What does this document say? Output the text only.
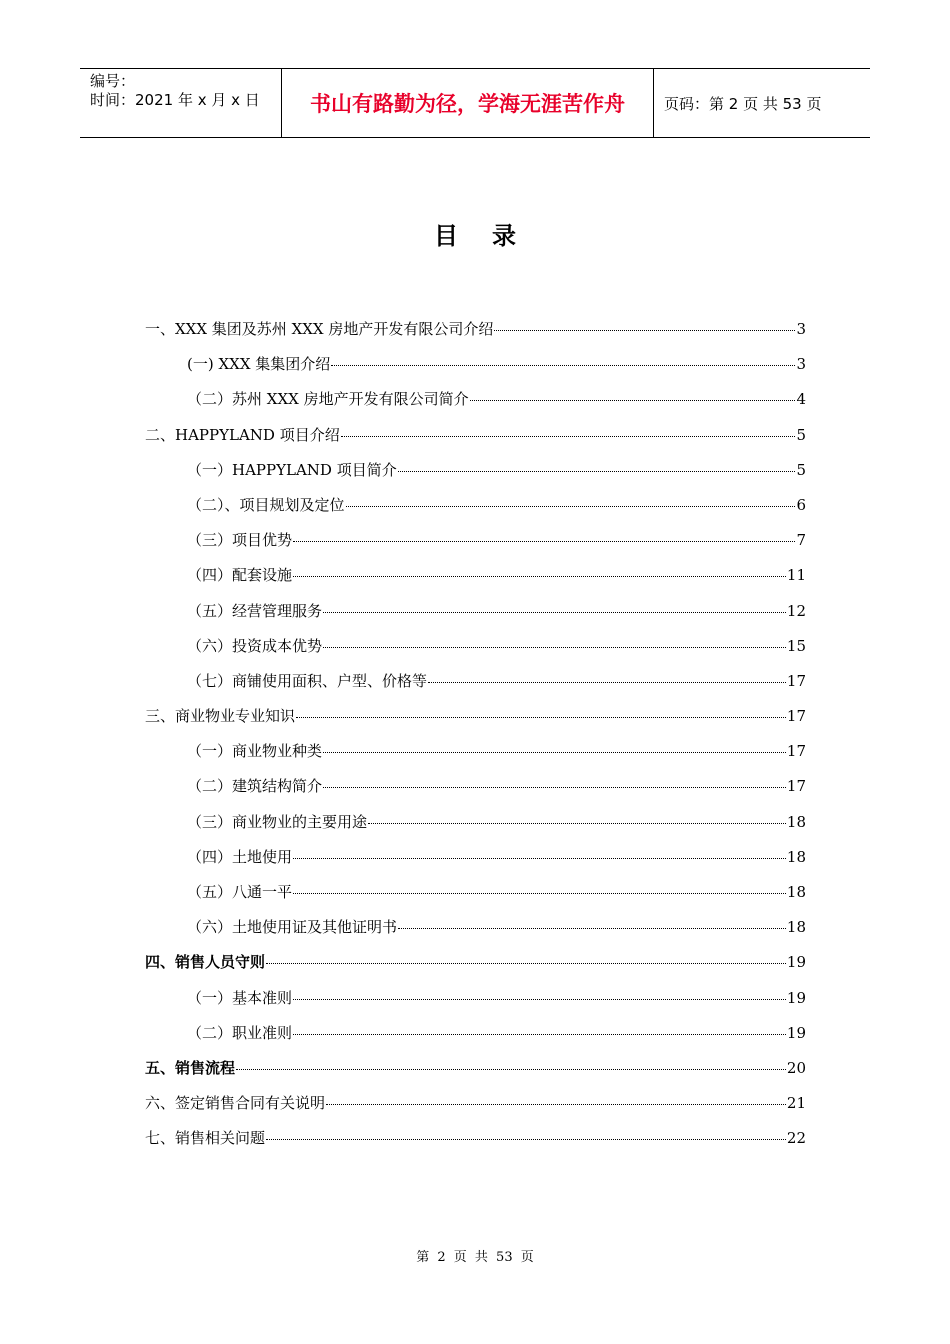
编号：
时间：2021 年 x 月 x 日	书山有路勤为径，学海无涯苦作舟	页码：第 2 页 共 53 页
目录
一、XXX 集团及苏州 XXX 房地产开发有限公司介绍	3
(一) XXX 集集团介绍	3
（二）苏州 XXX 房地产开发有限公司简介	4
二、HAPPYLAND 项目介绍	5
（一）HAPPYLAND 项目简介	5
（二）、项目规划及定位	6
（三）项目优势	7
（四）配套设施	11
（五）经营管理服务	12
（六）投资成本优势	15
（七）商铺使用面积、户型、价格等	17
三、商业物业专业知识	17
（一）商业物业种类	17
（二）建筑结构简介	17
（三）商业物业的主要用途	18
（四）土地使用	18
（五）八通一平	18
（六）土地使用证及其他证明书	18
四、销售人员守则	19
（一）基本准则	19
（二）职业准则	19
五、销售流程	20
六、签定销售合同有关说明	21
七、销售相关问题	22
第 2 页 共 53 页
